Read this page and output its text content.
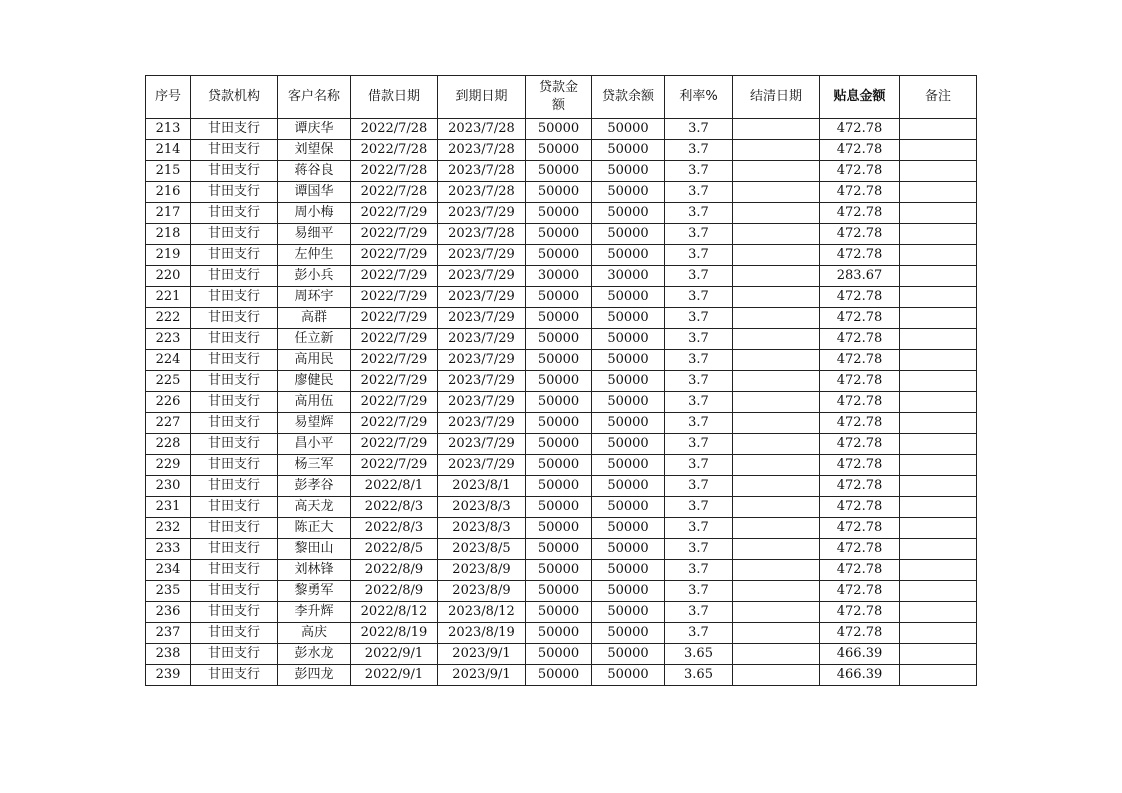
序号	贷款机构	客户名称	借款日期	到期日期	贷款金额	贷款余额	利率%	结清日期	贴息金额	备注
213	甘田支行	谭庆华	2022/7/28	2023/7/28	50000	50000	3.7		472.78	
214	甘田支行	刘望保	2022/7/28	2023/7/28	50000	50000	3.7		472.78	
215	甘田支行	蒋谷良	2022/7/28	2023/7/28	50000	50000	3.7		472.78	
216	甘田支行	谭国华	2022/7/28	2023/7/28	50000	50000	3.7		472.78	
217	甘田支行	周小梅	2022/7/29	2023/7/29	50000	50000	3.7		472.78	
218	甘田支行	易细平	2022/7/29	2023/7/28	50000	50000	3.7		472.78	
219	甘田支行	左仲生	2022/7/29	2023/7/29	50000	50000	3.7		472.78	
220	甘田支行	彭小兵	2022/7/29	2023/7/29	30000	30000	3.7		283.67	
221	甘田支行	周环宇	2022/7/29	2023/7/29	50000	50000	3.7		472.78	
222	甘田支行	高群	2022/7/29	2023/7/29	50000	50000	3.7		472.78	
223	甘田支行	任立新	2022/7/29	2023/7/29	50000	50000	3.7		472.78	
224	甘田支行	高用民	2022/7/29	2023/7/29	50000	50000	3.7		472.78	
225	甘田支行	廖健民	2022/7/29	2023/7/29	50000	50000	3.7		472.78	
226	甘田支行	高用伍	2022/7/29	2023/7/29	50000	50000	3.7		472.78	
227	甘田支行	易望辉	2022/7/29	2023/7/29	50000	50000	3.7		472.78	
228	甘田支行	昌小平	2022/7/29	2023/7/29	50000	50000	3.7		472.78	
229	甘田支行	杨三军	2022/7/29	2023/7/29	50000	50000	3.7		472.78	
230	甘田支行	彭孝谷	2022/8/1	2023/8/1	50000	50000	3.7		472.78	
231	甘田支行	高天龙	2022/8/3	2023/8/3	50000	50000	3.7		472.78	
232	甘田支行	陈正大	2022/8/3	2023/8/3	50000	50000	3.7		472.78	
233	甘田支行	黎田山	2022/8/5	2023/8/5	50000	50000	3.7		472.78	
234	甘田支行	刘林锋	2022/8/9	2023/8/9	50000	50000	3.7		472.78	
235	甘田支行	黎勇军	2022/8/9	2023/8/9	50000	50000	3.7		472.78	
236	甘田支行	李升辉	2022/8/12	2023/8/12	50000	50000	3.7		472.78	
237	甘田支行	高庆	2022/8/19	2023/8/19	50000	50000	3.7		472.78	
238	甘田支行	彭水龙	2022/9/1	2023/9/1	50000	50000	3.65		466.39	
239	甘田支行	彭四龙	2022/9/1	2023/9/1	50000	50000	3.65		466.39	
